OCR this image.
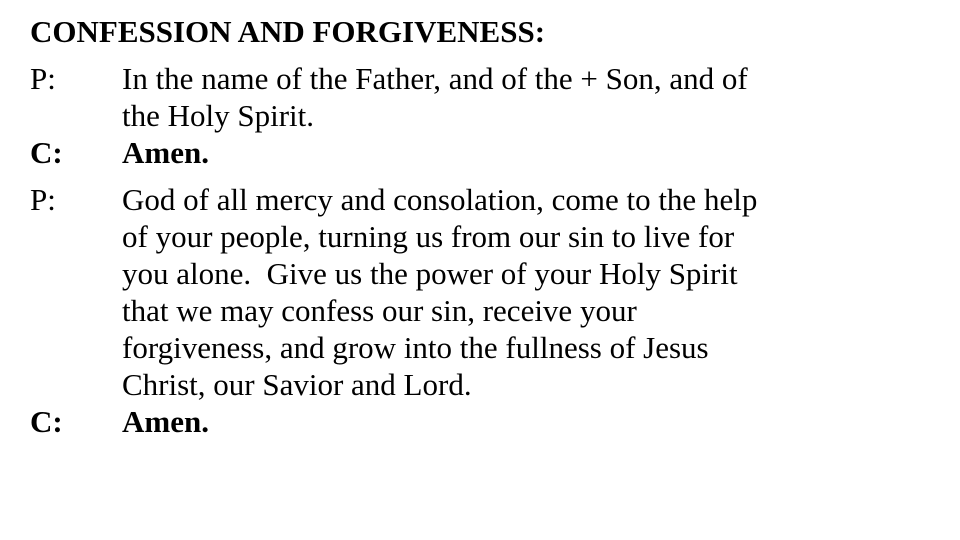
CONFESSION AND FORGIVENESS:
P:	In the name of the Father, and of the + Son, and of
the Holy Spirit.
C:	Amen.
P:	God of all mercy and consolation, come to the help
of your people, turning us from our sin to live for
you alone.  Give us the power of your Holy Spirit
that we may confess our sin, receive your
forgiveness, and grow into the fullness of Jesus
Christ, our Savior and Lord.
C:	Amen.
